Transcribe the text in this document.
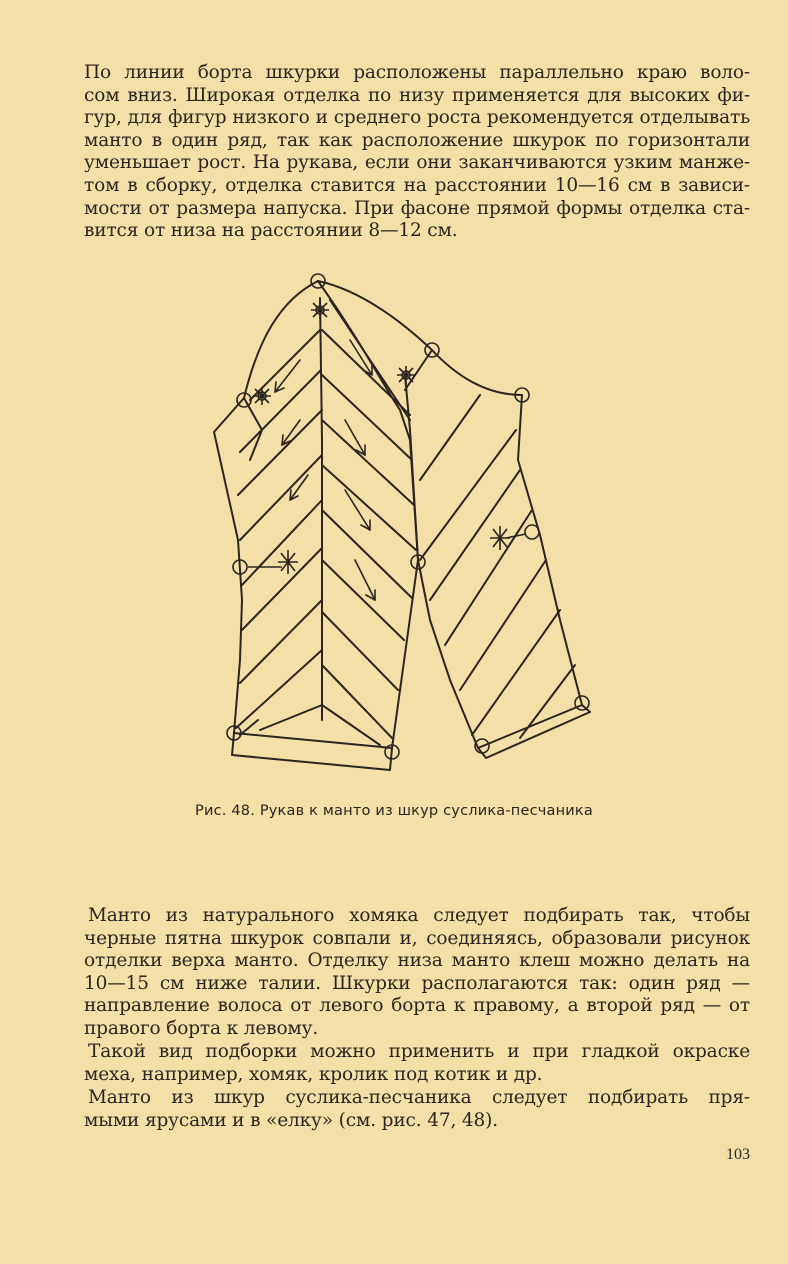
По линии борта шкурки расположены параллельно краю воло-
сом вниз. Широкая отделка по низу применяется для высоких фи-
гур, для фигур низкого и среднего роста рекомендуется отделывать
манто в один ряд, так как расположение шкурок по горизонтали
уменьшает рост. На рукава, если они заканчиваются узким манже-
том в сборку, отделка ставится на расстоянии 10—16 см в зависи-
мости от размера напуска. При фасоне прямой формы отделка ста-
вится от низа на расстоянии 8—12 см.
Рис. 48. Рукав к манто из шкур суслика-песчаника
Манто из натурального хомяка следует подбирать так, чтобы
черные пятна шкурок совпали и, соединяясь, образовали рисунок
отделки верха манто. Отделку низа манто клеш можно делать на
10—15 см ниже талии. Шкурки располагаются так: один ряд —
направление волоса от левого борта к правому, а второй ряд — от
правого борта к левому.
Такой вид подборки можно применить и при гладкой окраске
меха, например, хомяк, кролик под котик и др.
Манто из шкур суслика-песчаника следует подбирать пря-
мыми ярусами и в «елку» (см. рис. 47, 48).
103
